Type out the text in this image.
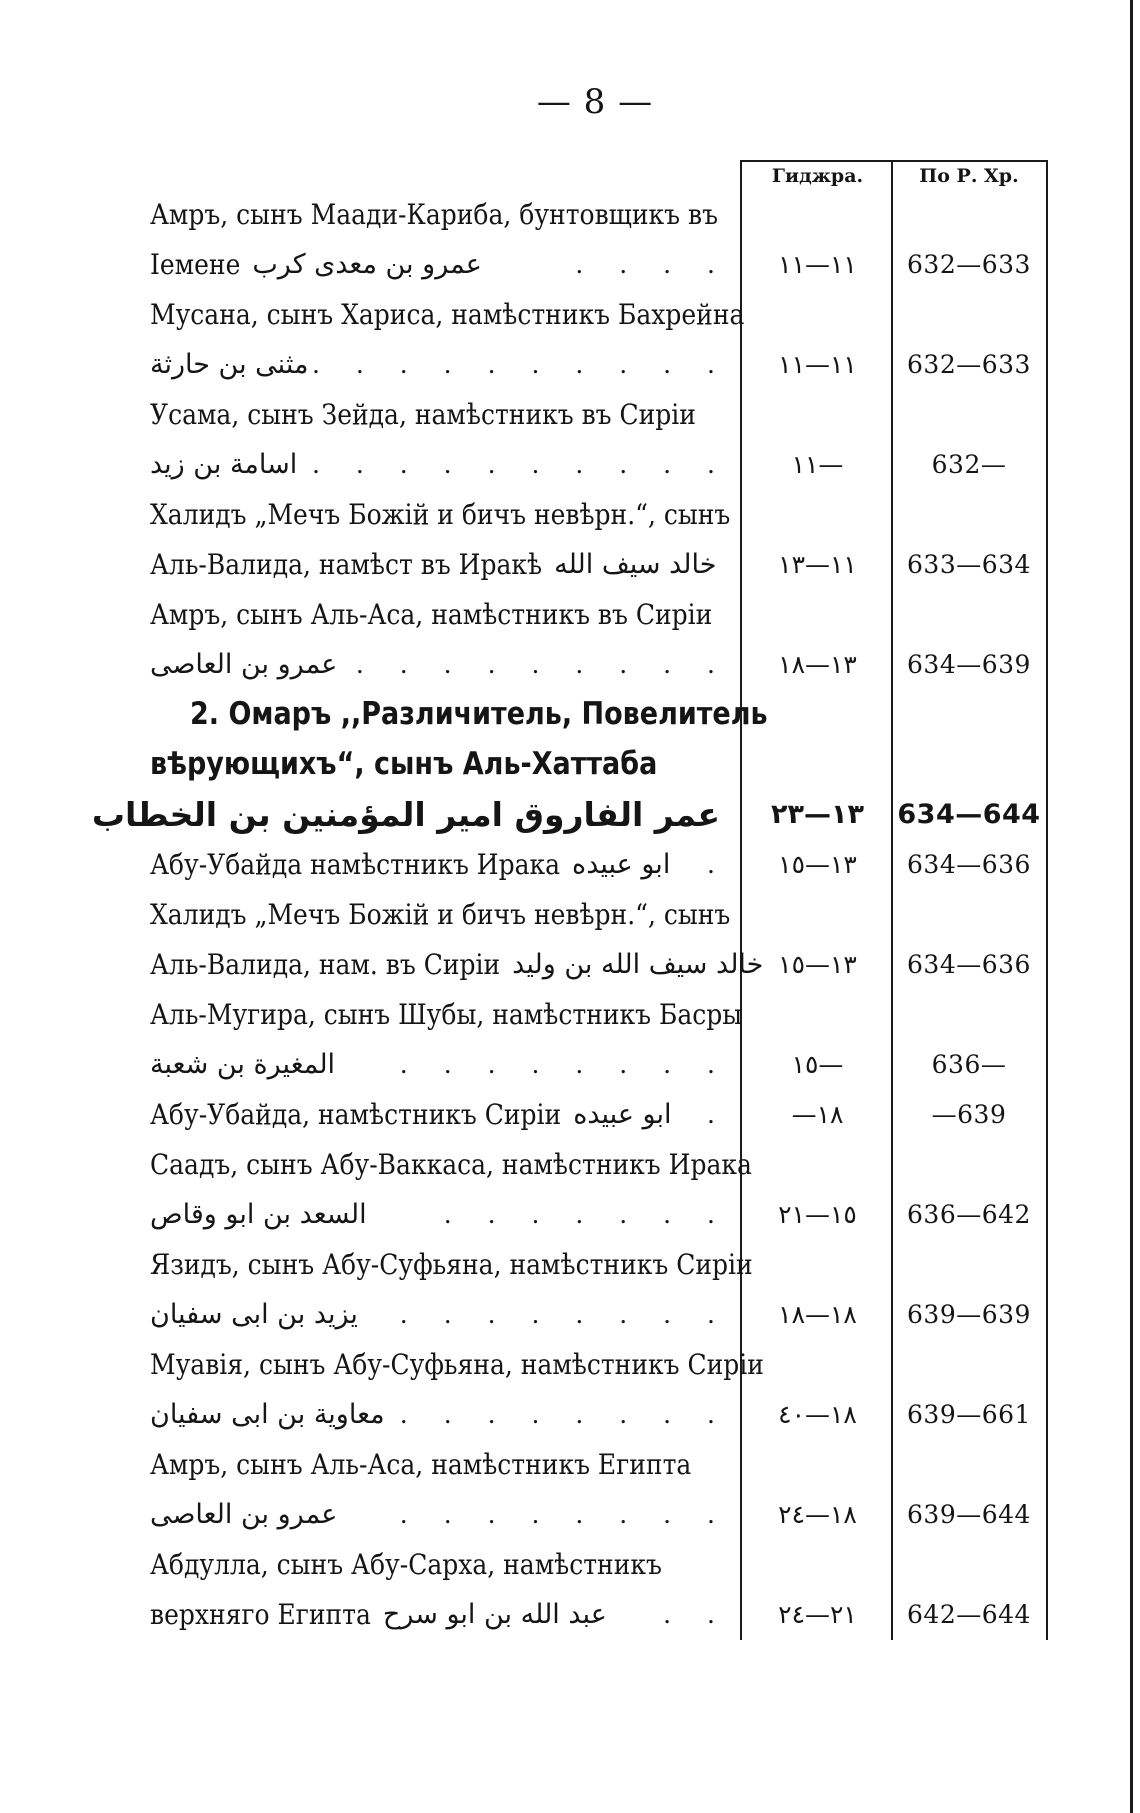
— 8 —
Гиджра.	По Р. Хр.
Амръ, сынъ Маади-Кариба, бунтовщикъ въ
Iемене عمرو بن معدى كرب	. . . .	١١—١١	632—633
Мусана, сынъ Хариса, намѣстникъ Бахрейна
مثنى بن حارثة . . . . . . . . . .	١١—١١	632—633
Усама, сынъ Зейда, намѣстникъ въ Сиріи
اسامة بن زيد . . . . . . . . . .	١١—	632—
Халидъ „Мечъ Божій и бичъ невѣрн.“, сынъ
Аль-Валида, намѣст въ Иракѣ خالد سيف الله	١١—١٣	633—634
Амръ, сынъ Аль-Аса, намѣстникъ въ Сиріи
عمرو بن العاصى . . . . . . . . .	١٣—١٨	634—639
2. Омаръ ,,Различитель, Повелитель
вѣрующихъ“, сынъ Аль-Хаттаба
عمر الفاروق امير المؤمنين بن الخطاب	١٣—٢٣	634—644
Абу-Убайда намѣстникъ Ирака ابو عبيده .	١٣—١٥	634—636
Халидъ „Мечъ Божій и бичъ невѣрн.“, сынъ
Аль-Валида, нам. въ Сиріи خالد سيف الله بن وليد ١٣—١٥	634—636
Аль-Мугира, сынъ Шубы, намѣстникъ Басры
المغيرة بن شعبة	. . . . . . . .	١٥—	636—
Абу-Убайда, намѣстникъ Сиріи ابو عبيده .	—١٨	—639
Саадъ, сынъ Абу-Ваккаса, намѣстникъ Ирака
السعد بن ابو وقاص	. . . . . . .	١٥—٢١	636—642
Язидъ, сынъ Абу-Суфьяна, намѣстникъ Сиріи
يزيد بن ابى سفيان . . . . . . . .	١٨—١٨	639—639
Муавія, сынъ Абу-Суфьяна, намѣстникъ Сиріи
معاوية بن ابى سفيان . . . . . . . .	١٨—٤٠	639—661
Амръ, сынъ Аль-Аса, намѣстникъ Египта
عمرو بن العاصى . . . . . . . .	١٨—٢٤	639—644
Абдулла, сынъ Абу-Сарха, намѣстникъ
верхняго Египта عبد الله بن ابو سرح . .	٢١—٢٤	642—644
